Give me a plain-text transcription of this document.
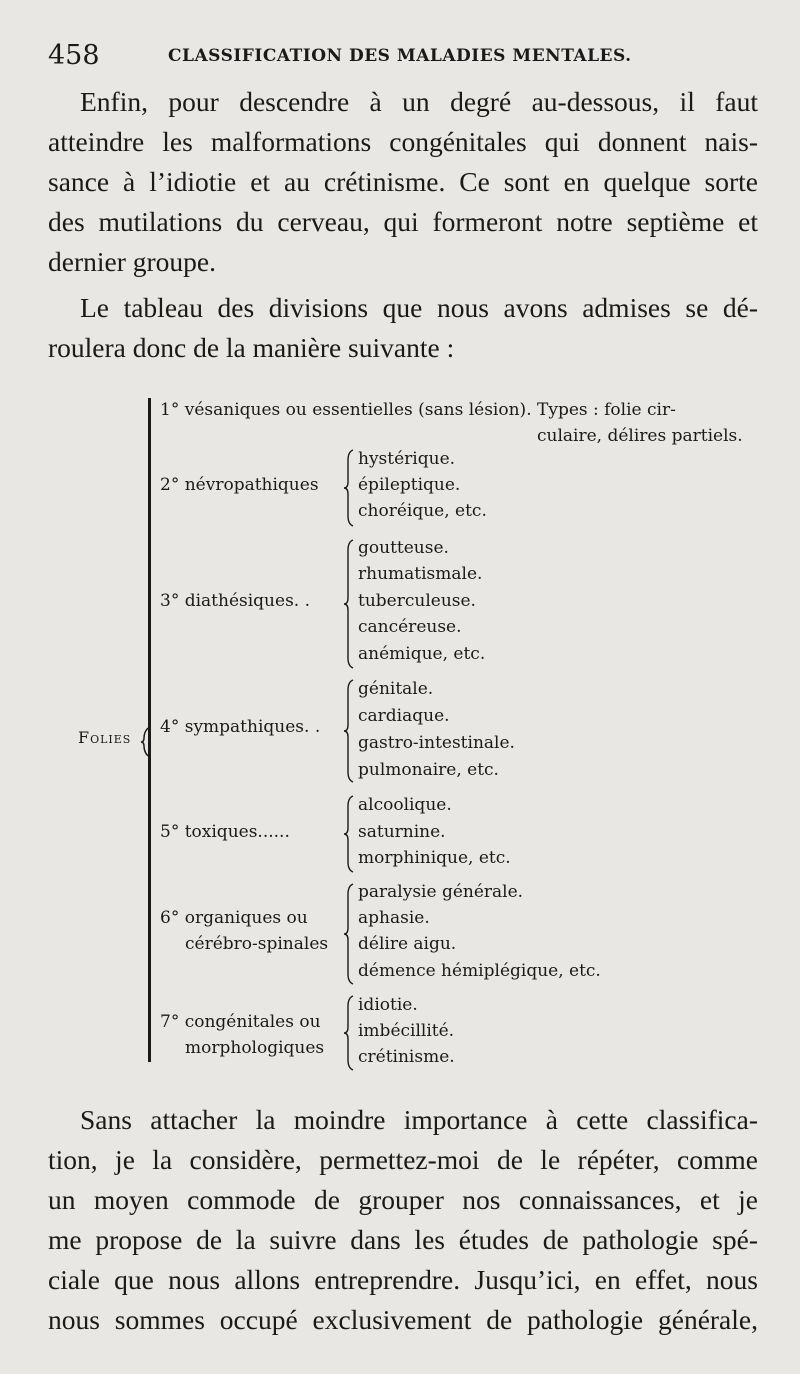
458	CLASSIFICATION DES MALADIES MENTALES.
Enfin, pour descendre à un degré au-dessous, il faut
atteindre les malformations congénitales qui donnent nais-
sance à l’idiotie et au crétinisme. Ce sont en quelque sorte
des mutilations du cerveau, qui formeront notre septième et
dernier groupe.
Le tableau des divisions que nous avons admises se dé-
roulera donc de la manière suivante :
Folies
1° vésaniques ou essentielles (sans lésion). Types : folie cir-
culaire, délires partiels.
2° névropathiques
hystérique.
épileptique.
choréique, etc.
3° diathésiques. .
goutteuse.
rhumatismale.
tuberculeuse.
cancéreuse.
anémique, etc.
4° sympathiques. .
génitale.
cardiaque.
gastro-intestinale.
pulmonaire, etc.
5° toxiques......
alcoolique.
saturnine.
morphinique, etc.
6° organiques ou
cérébro-spinales
paralysie générale.
aphasie.
délire aigu.
démence hémiplégique, etc.
7° congénitales ou
morphologiques
idiotie.
imbécillité.
crétinisme.
Sans attacher la moindre importance à cette classifica-
tion, je la considère, permettez-moi de le répéter, comme
un moyen commode de grouper nos connaissances, et je
me propose de la suivre dans les études de pathologie spé-
ciale que nous allons entreprendre. Jusqu’ici, en effet, nous
nous sommes occupé exclusivement de pathologie générale,
